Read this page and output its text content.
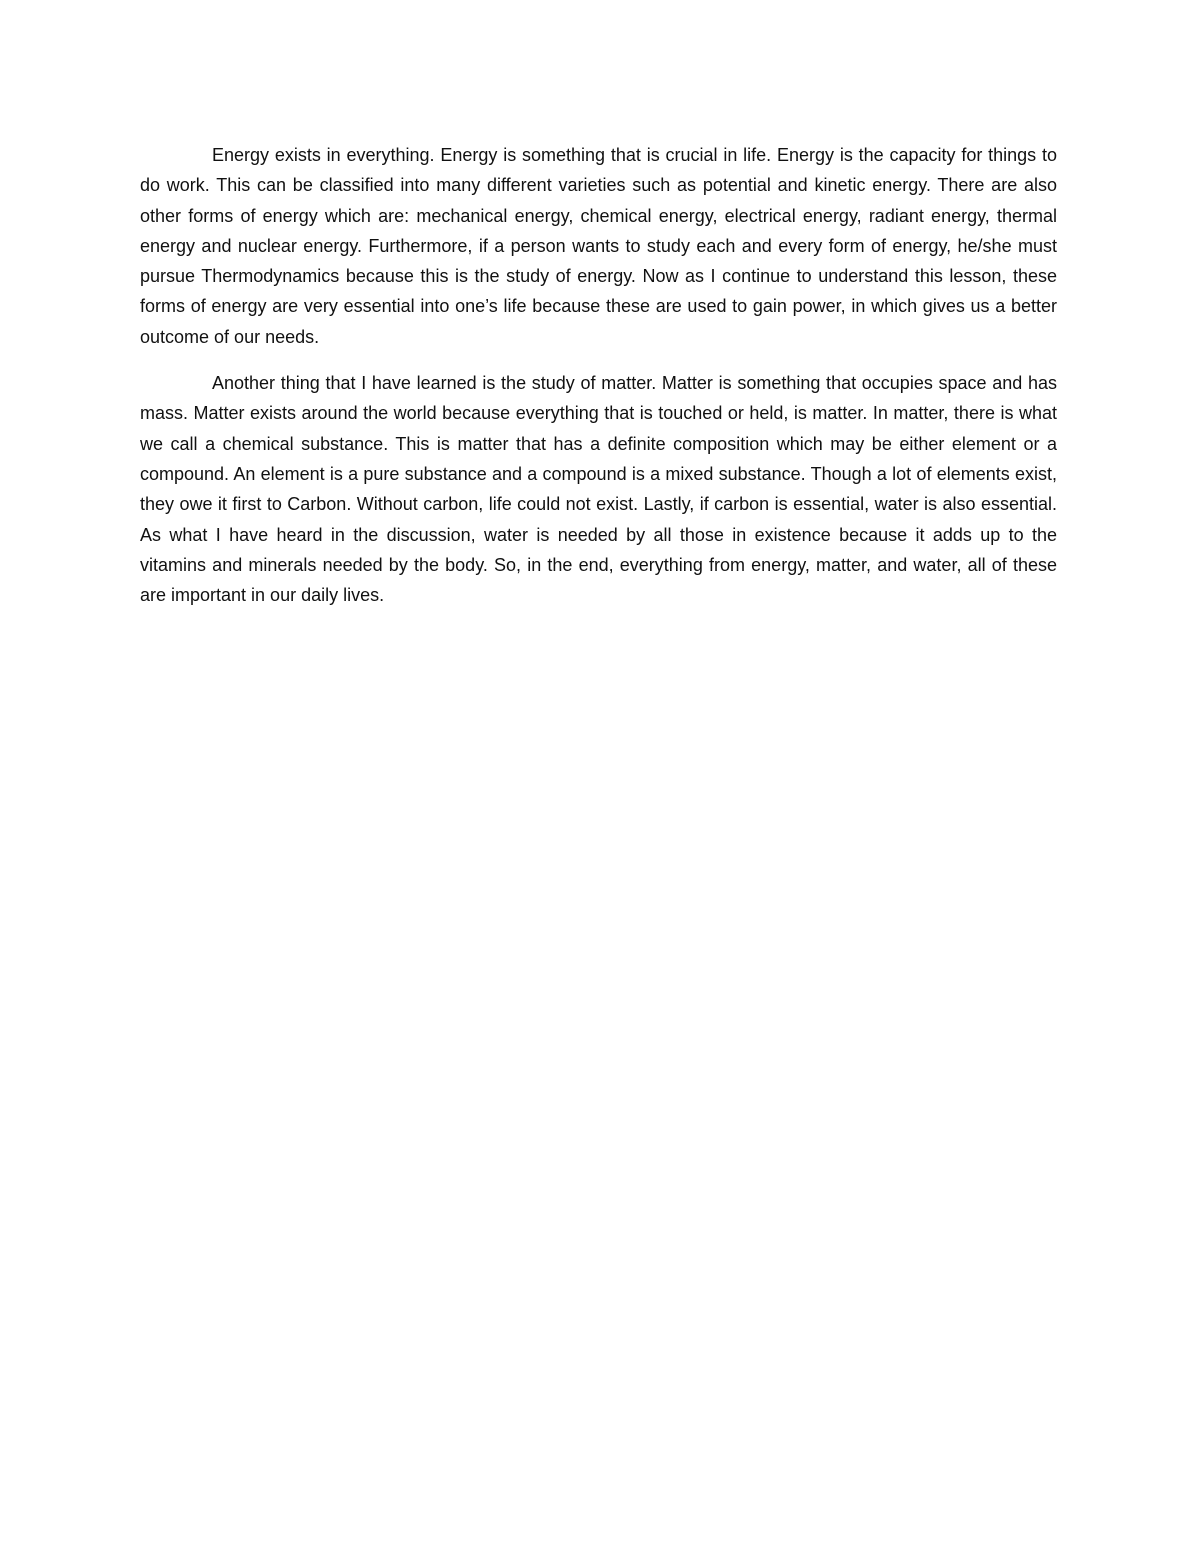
Energy exists in everything. Energy is something that is crucial in life. Energy is the capacity for things to do work. This can be classified into many different varieties such as potential and kinetic energy. There are also other forms of energy which are: mechanical energy, chemical energy, electrical energy, radiant energy, thermal energy and nuclear energy. Furthermore, if a person wants to study each and every form of energy, he/she must pursue Thermodynamics because this is the study of energy. Now as I continue to understand this lesson, these forms of energy are very essential into one’s life because these are used to gain power, in which gives us a better outcome of our needs.

Another thing that I have learned is the study of matter. Matter is something that occupies space and has mass. Matter exists around the world because everything that is touched or held, is matter. In matter, there is what we call a chemical substance. This is matter that has a definite composition which may be either element or a compound. An element is a pure substance and a compound is a mixed substance. Though a lot of elements exist, they owe it first to Carbon. Without carbon, life could not exist. Lastly, if carbon is essential, water is also essential. As what I have heard in the discussion, water is needed by all those in existence because it adds up to the vitamins and minerals needed by the body. So, in the end, everything from energy, matter, and water, all of these are important in our daily lives.
